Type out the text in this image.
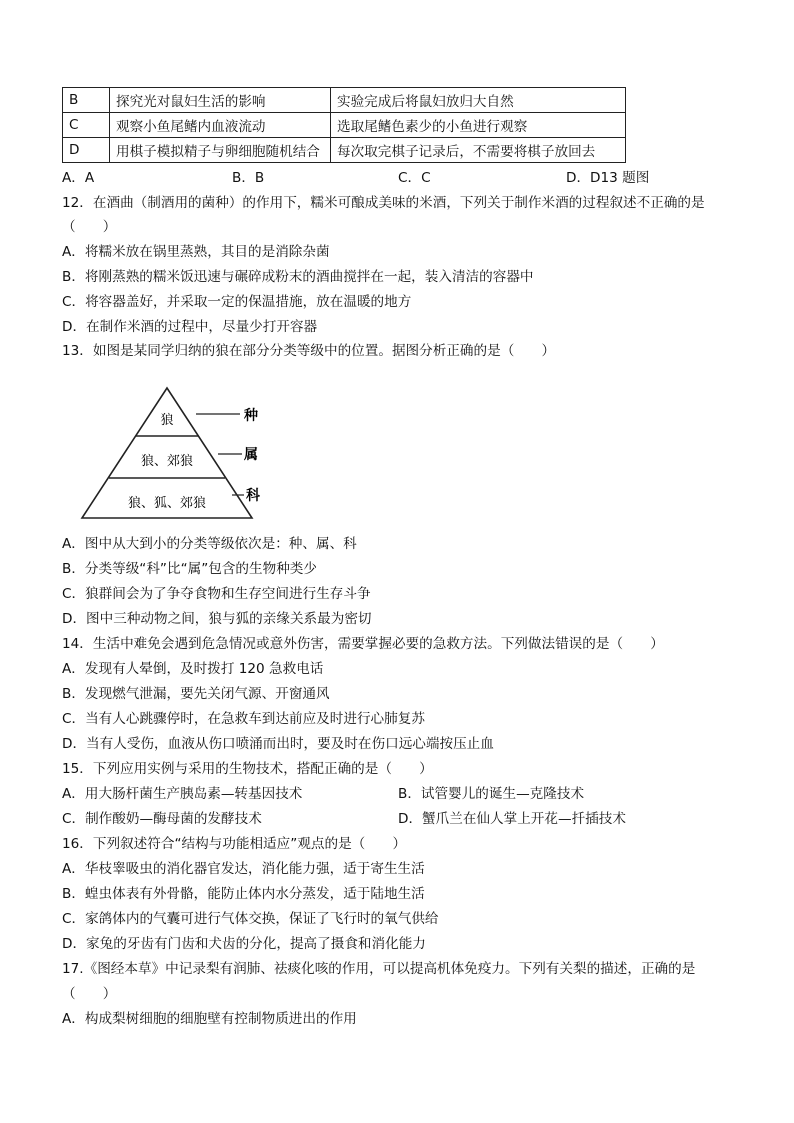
B	探究光对鼠妇生活的影响	实验完成后将鼠妇放归大自然
C	观察小鱼尾鳍内血液流动	选取尾鳍色素少的小鱼进行观察
D	用棋子模拟精子与卵细胞随机结合	每次取完棋子记录后，不需要将棋子放回去
A．A	B．B	C．C	D．D13 题图
12．在酒曲（制酒用的菌种）的作用下，糯米可酿成美味的米酒，下列关于制作米酒的过程叙述不正确的是
（　　）
A．将糯米放在锅里蒸熟，其目的是消除杂菌
B．将刚蒸熟的糯米饭迅速与碾碎成粉末的酒曲搅拌在一起，装入清洁的容器中
C．将容器盖好，并采取一定的保温措施，放在温暖的地方
D．在制作米酒的过程中，尽量少打开容器
13．如图是某同学归纳的狼在部分分类等级中的位置。据图分析正确的是（　　）
狼
狼、郊狼
狼、狐、郊狼
种
属
科
A．图中从大到小的分类等级依次是：种、属、科
B．分类等级“科”比“属”包含的生物种类少
C．狼群间会为了争夺食物和生存空间进行生存斗争
D．图中三种动物之间，狼与狐的亲缘关系最为密切
14．生活中难免会遇到危急情况或意外伤害，需要掌握必要的急救方法。下列做法错误的是（　　）
A．发现有人晕倒，及时拨打 120 急救电话
B．发现燃气泄漏，要先关闭气源、开窗通风
C．当有人心跳骤停时，在急救车到达前应及时进行心肺复苏
D．当有人受伤，血液从伤口喷涌而出时，要及时在伤口远心端按压止血
15．下列应用实例与采用的生物技术，搭配正确的是（　　）
A．用大肠杆菌生产胰岛素—转基因技术	B．试管婴儿的诞生—克隆技术
C．制作酸奶—酶母菌的发酵技术	D．蟹爪兰在仙人掌上开花—扦插技术
16．下列叙述符合“结构与功能相适应”观点的是（　　）
A．华枝睾吸虫的消化器官发达，消化能力强，适于寄生生活
B．蝗虫体表有外骨骼，能防止体内水分蒸发，适于陆地生活
C．家鸽体内的气囊可进行气体交换，保证了飞行时的氧气供给
D．家兔的牙齿有门齿和犬齿的分化，提高了摄食和消化能力
17.《图经本草》中记录梨有润肺、祛痰化咳的作用，可以提高机体免疫力。下列有关梨的描述，正确的是
（　　）
A．构成梨树细胞的细胞壁有控制物质进出的作用
